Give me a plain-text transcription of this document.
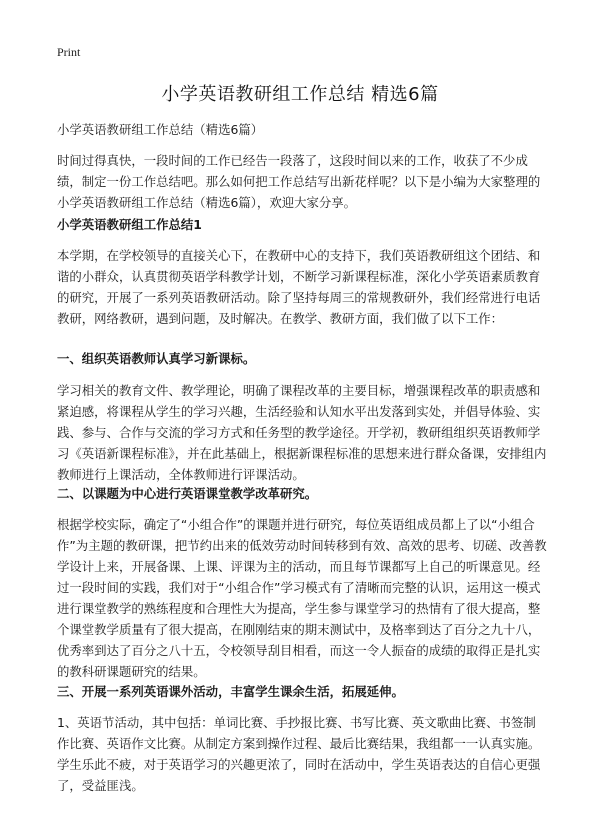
Print
小学英语教研组工作总结 精选6篇

小学英语教研组工作总结（精选6篇）

时间过得真快，一段时间的工作已经告一段落了，这段时间以来的工作，收获了不少成绩，制定一份工作总结吧。那么如何把工作总结写出新花样呢？以下是小编为大家整理的小学英语教研组工作总结（精选6篇），欢迎大家分享。

小学英语教研组工作总结1

本学期，在学校领导的直接关心下，在教研中心的支持下，我们英语教研组这个团结、和谐的小群众，认真贯彻英语学科教学计划，不断学习新课程标准，深化小学英语素质教育的研究，开展了一系列英语教研活动。除了坚持每周三的常规教研外，我们经常进行电话教研，网络教研，遇到问题，及时解决。在教学、教研方面，我们做了以下工作：

一、组织英语教师认真学习新课标。

学习相关的教育文件、教学理论，明确了课程改革的主要目标，增强课程改革的职责感和紧迫感，将课程从学生的学习兴趣，生活经验和认知水平出发落到实处，并倡导体验、实践、参与、合作与交流的学习方式和任务型的教学途径。开学初，教研组组织英语教师学习《英语新课程标准》，并在此基础上，根据新课程标准的思想来进行群众备课，安排组内教师进行上课活动，全体教师进行评课活动。

二、以课题为中心进行英语课堂教学改革研究。

根据学校实际，确定了“小组合作”的课题并进行研究，每位英语组成员都上了以“小组合作”为主题的教研课，把节约出来的低效劳动时间转移到有效、高效的思考、切磋、改善教学设计上来，开展备课、上课、评课为主的活动，而且每节课都写上自己的听课意见。经过一段时间的实践，我们对于“小组合作”学习模式有了清晰而完整的认识，运用这一模式进行课堂教学的熟练程度和合理性大为提高，学生参与课堂学习的热情有了很大提高，整个课堂教学质量有了很大提高，在刚刚结束的期末测试中，及格率到达了百分之九十八，优秀率到达了百分之八十五，令校领导刮目相看，而这一令人振奋的成绩的取得正是扎实的教科研课题研究的结果。

三、开展一系列英语课外活动，丰富学生课余生活，拓展延伸。

1、英语节活动，其中包括：单词比赛、手抄报比赛、书写比赛、英文歌曲比赛、书签制作比赛、英语作文比赛。从制定方案到操作过程、最后比赛结果，我组都一一认真实施。学生乐此不疲，对于英语学习的兴趣更浓了，同时在活动中，学生英语表达的自信心更强了，受益匪浅。
